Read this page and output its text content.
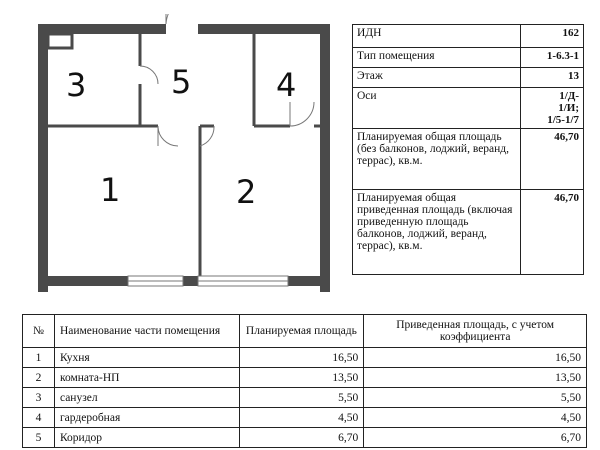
3	5	4
1	2
ИДН	162
Тип помещения	1-6.3-1
Этаж	13
Оси	1/Д-
1/И;
1/5-1/7
Планируемая общая площадь
(без балконов, лоджий, веранд, террас), кв.м.	46,70
Планируемая общая приведенная площадь (включая приведенную площадь балконов, лоджий, веранд, террас), кв.м.	46,70
№	Наименование части помещения	Планируемая площадь	Приведенная площадь, с учетом коэффициента
1	Кухня	16,50	16,50
2	комната-НП	13,50	13,50
3	санузел	5,50	5,50
4	гардеробная	4,50	4,50
5	Коридор	6,70	6,70
